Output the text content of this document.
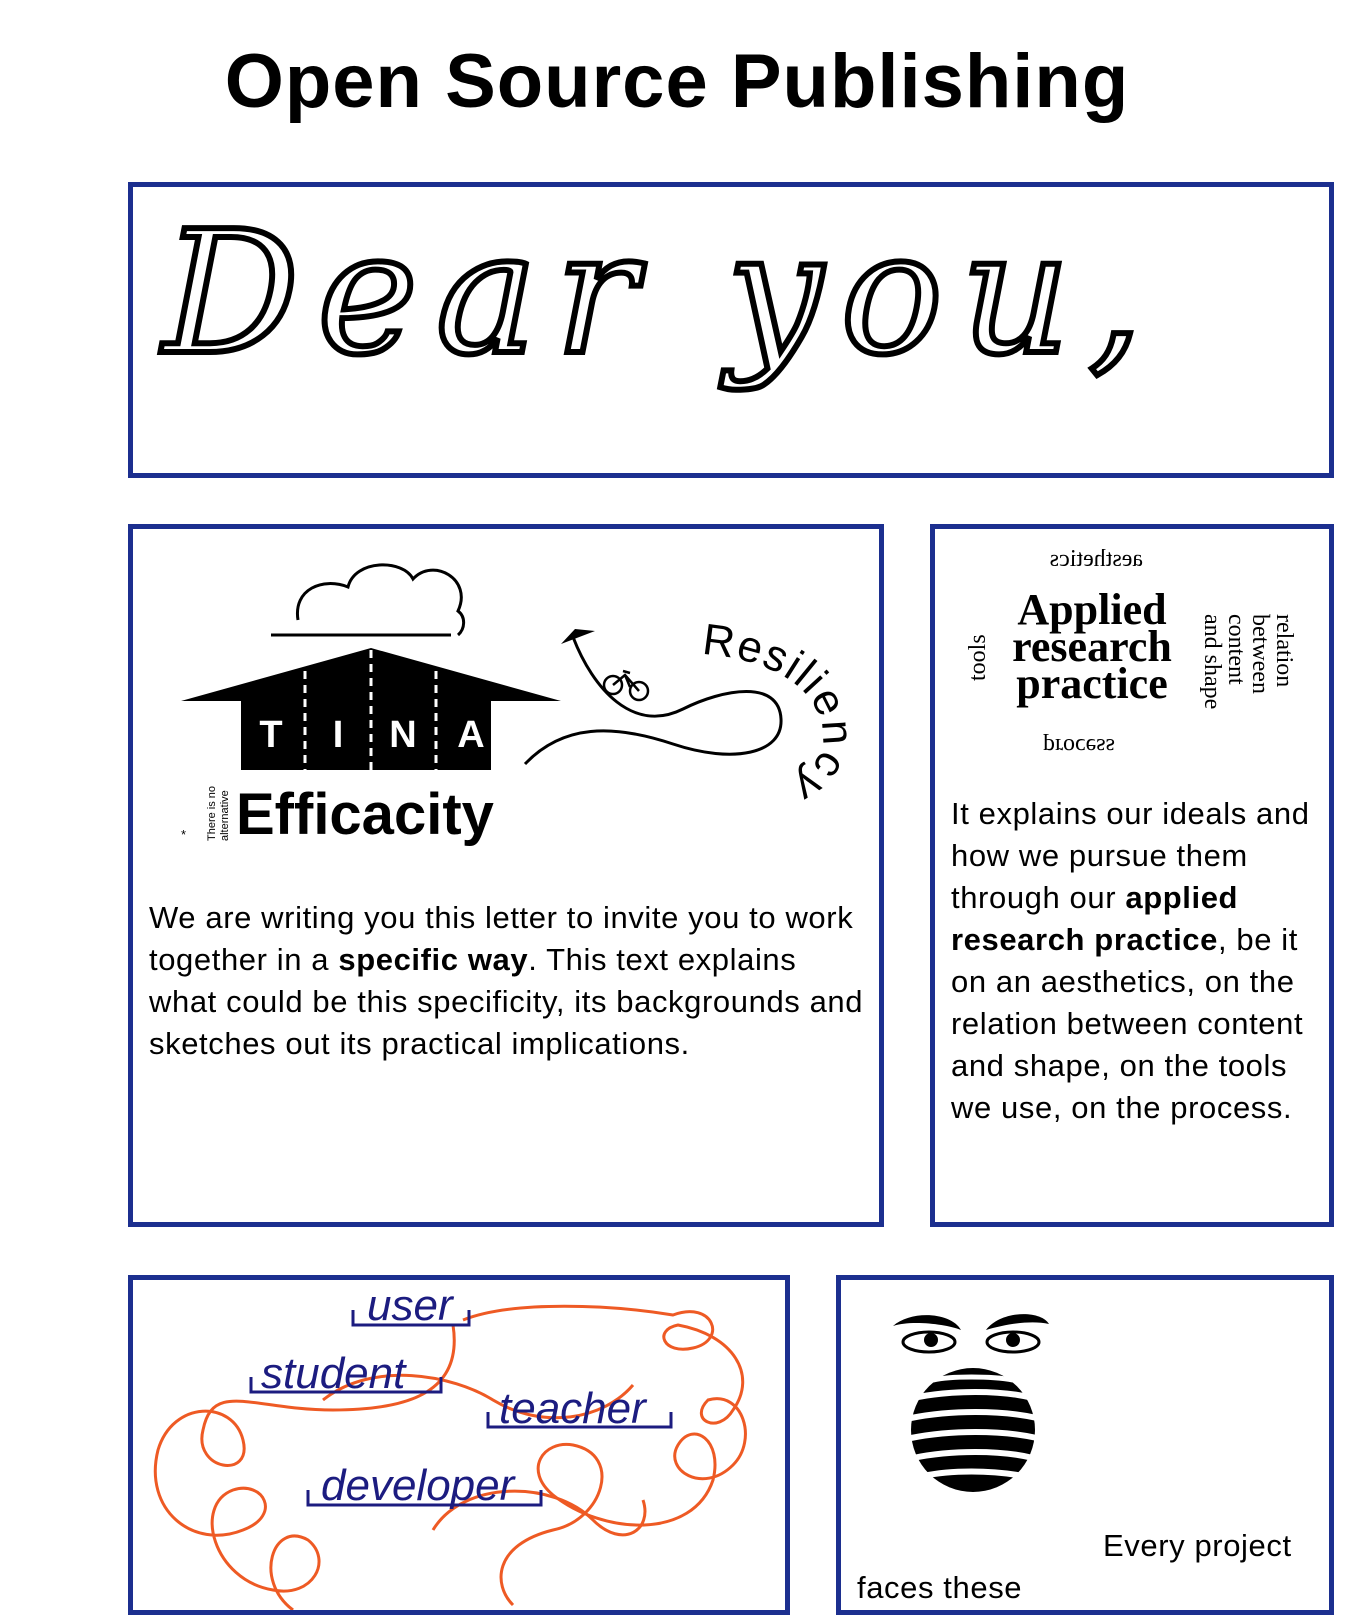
Open Source Publishing
Dear you,
T I N A *
There is no alternative
* Efficacity
Resiliency
We are writing you this letter to invite you to work together in a specific way. This text explains what could be this specificity, its backgrounds and sketches out its practical implications.
aesthetics
tools
Applied
research
practice	relation
between
content
and shape
process
It explains our ideals and how we pursue them through our applied research practice, be it on an aesthetics, on the relation between content and shape, on the tools we use, on the process.
user
student
teacher
developer
Every project faces these
